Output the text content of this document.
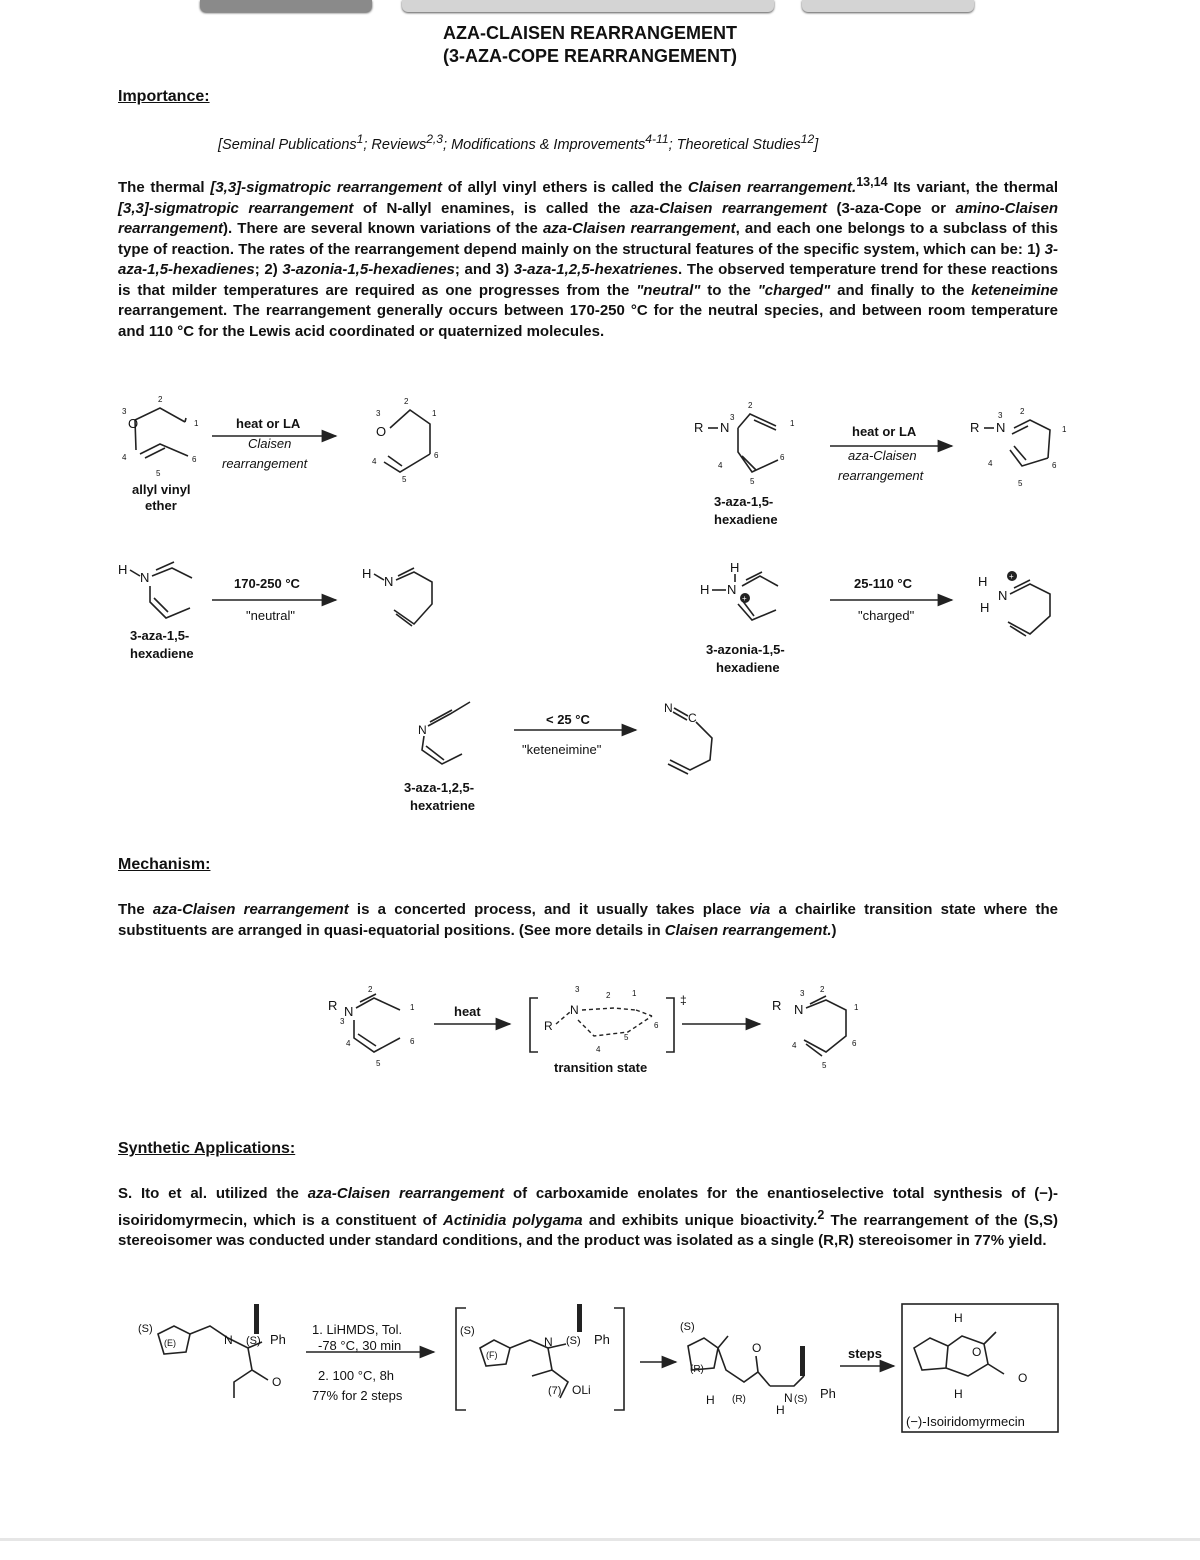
AZA-CLAISEN REARRANGEMENT
(3-AZA-COPE REARRANGEMENT)
Importance:
[Seminal Publications$^1$; Reviews$^{2,3}$; Modifications & Improvements$^{4-11}$; Theoretical Studies$^{12}$]
The thermal [3,3]-sigmatropic rearrangement of allyl vinyl ethers is called the Claisen rearrangement.$^{13,14}$ Its variant, the thermal [3,3]-sigmatropic rearrangement of N-allyl enamines, is called the aza-Claisen rearrangement (3-aza-Cope or amino-Claisen rearrangement). There are several known variations of the aza-Claisen rearrangement, and each one belongs to a subclass of this type of reaction. The rates of the rearrangement depend mainly on the structural features of the specific system, which can be: 1) 3-aza-1,5-hexadienes; 2) 3-azonia-1,5-hexadienes; and 3) 3-aza-1,2,5-hexatrienes. The observed temperature trend for these reactions is that milder temperatures are required as one progresses from the "neutral" to the "charged" and finally to the keteneimine rearrangement. The rearrangement generally occurs between 170-250 °C for the neutral species, and between room temperature and 110 °C for the Lewis acid coordinated or quaternized molecules.
O
3
2
1
4
5
6
allyl vinyl
ether
heat or LA
Claisen
rearrangement
O
3
2
1
4
5
6
R N
3
2
1
4
5
6
3-aza-1,5-
hexadiene
heat or LA
aza-Claisen
rearrangement
R N
3 2
1
4
5
6
H
N
3-aza-1,5-
hexadiene
170-250 °C
"neutral"
H
N
H
H N
+
3-azonia-1,5-
hexadiene
25-110 °C
"charged"
H
H
N
+
N
3-aza-1,2,5-
hexatriene
< 25 °C
"keteneimine"
N
C
Mechanism:
The aza-Claisen rearrangement is a concerted process, and it usually takes place via a chairlike transition state where the substituents are arranged in quasi-equatorial positions. (See more details in Claisen rearrangement.)
R N
3
2
1
4
5
6
heat
R
N
3
2	1
4
5
6
‡
transition state
R N
3 2
1
4
5
6
Synthetic Applications:
S. Ito et al. utilized the aza-Claisen rearrangement of carboxamide enolates for the enantioselective total synthesis of (−)-isoiridomyrmecin, which is a constituent of Actinidia polygama and exhibits unique bioactivity.$^2$ The rearrangement of the (S,S) stereoisomer was conducted under standard conditions, and the product was isolated as a single (R,R) stereoisomer in 77% yield.
(S)
(E)	N (S) Ph
O
1. LiHMDS, Tol.
-78 °C, 30 min
2. 100 °C, 8h
77% for 2 steps
(S)
(F)
N (S) Ph
(7) OLi
(S)
(R)
O
(R)	N (S) Ph
H
H
steps
O
O
H
H
(−)-Isoiridomyrmecin
